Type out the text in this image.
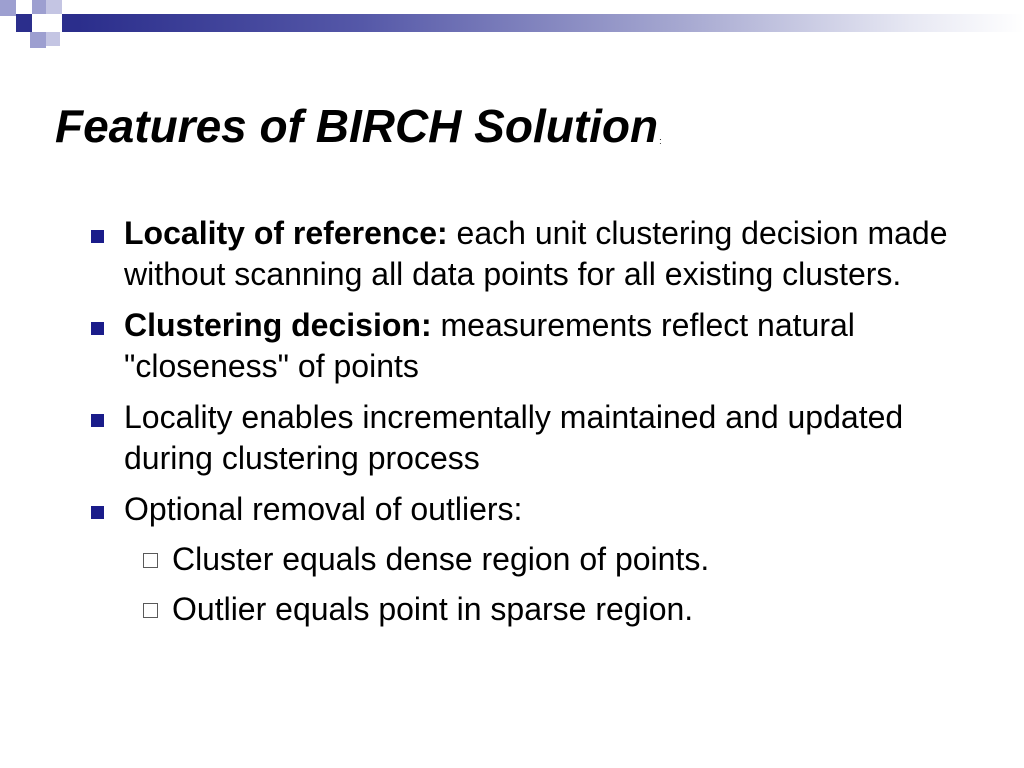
Features of BIRCH Solution:
Locality of reference: each unit clustering decision made without scanning all data points for all existing clusters.
Clustering decision: measurements reflect natural "closeness" of points
Locality enables incrementally maintained and updated during clustering process
Optional removal of outliers:
Cluster equals dense region of points.
Outlier equals point in sparse region.
